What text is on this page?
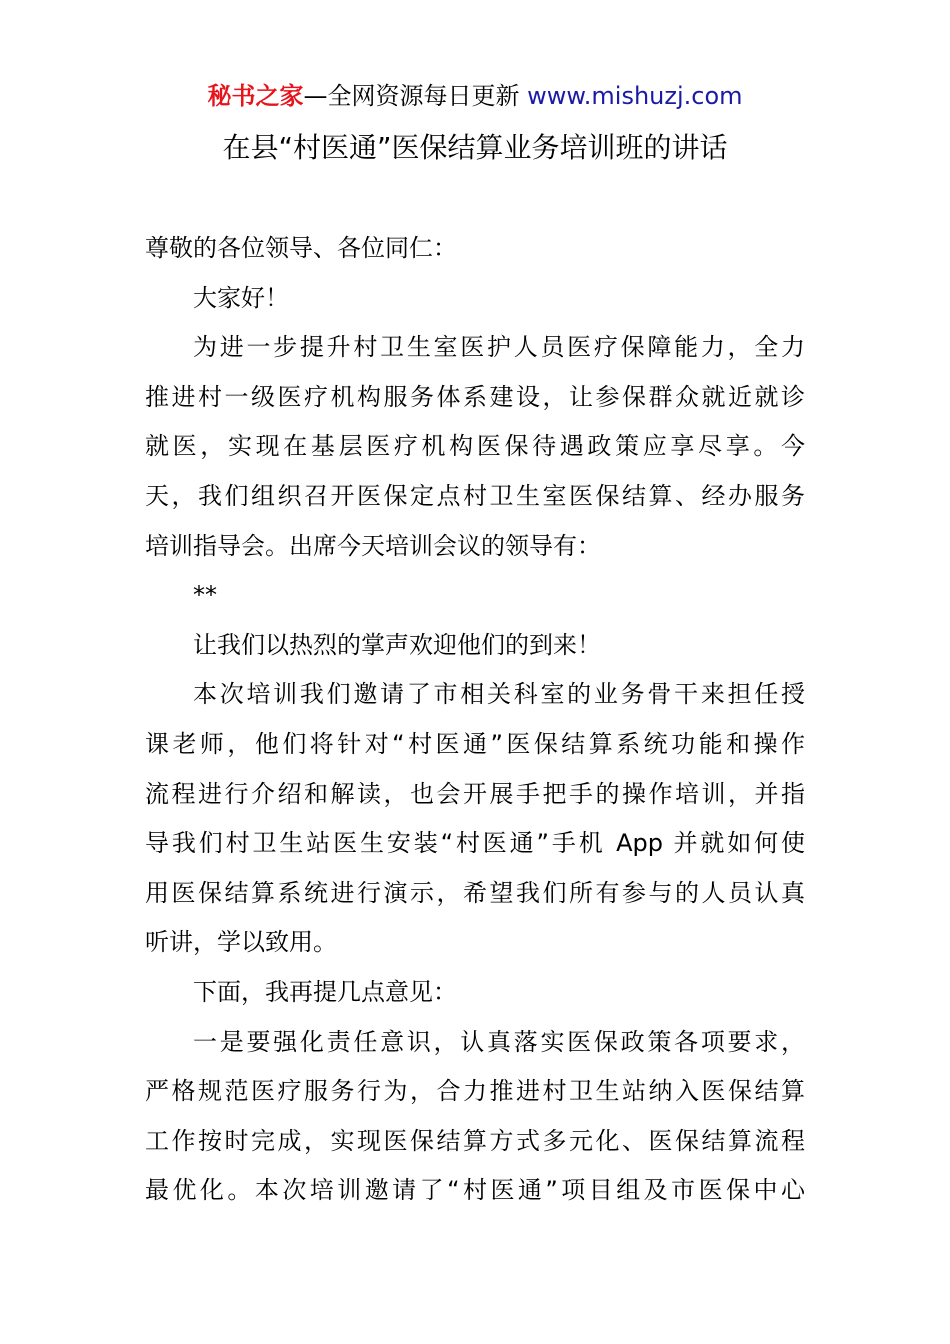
秘书之家—全网资源每日更新 www.mishuzj.com
在县“村医通”医保结算业务培训班的讲话
尊敬的各位领导、各位同仁：
大家好！
为进一步提升村卫生室医护人员医疗保障能力，全力
推进村一级医疗机构服务体系建设，让参保群众就近就诊
就医，实现在基层医疗机构医保待遇政策应享尽享。今
天，我们组织召开医保定点村卫生室医保结算、经办服务
培训指导会。出席今天培训会议的领导有：
**
让我们以热烈的掌声欢迎他们的到来！
本次培训我们邀请了市相关科室的业务骨干来担任授
课老师，他们将针对“村医通”医保结算系统功能和操作
流程进行介绍和解读，也会开展手把手的操作培训，并指
导我们村卫生站医生安装“村医通”手机 App 并就如何使
用医保结算系统进行演示，希望我们所有参与的人员认真
听讲，学以致用。
下面，我再提几点意见：
一是要强化责任意识，认真落实医保政策各项要求，
严格规范医疗服务行为，合力推进村卫生站纳入医保结算
工作按时完成，实现医保结算方式多元化、医保结算流程
最优化。本次培训邀请了“村医通”项目组及市医保中心
